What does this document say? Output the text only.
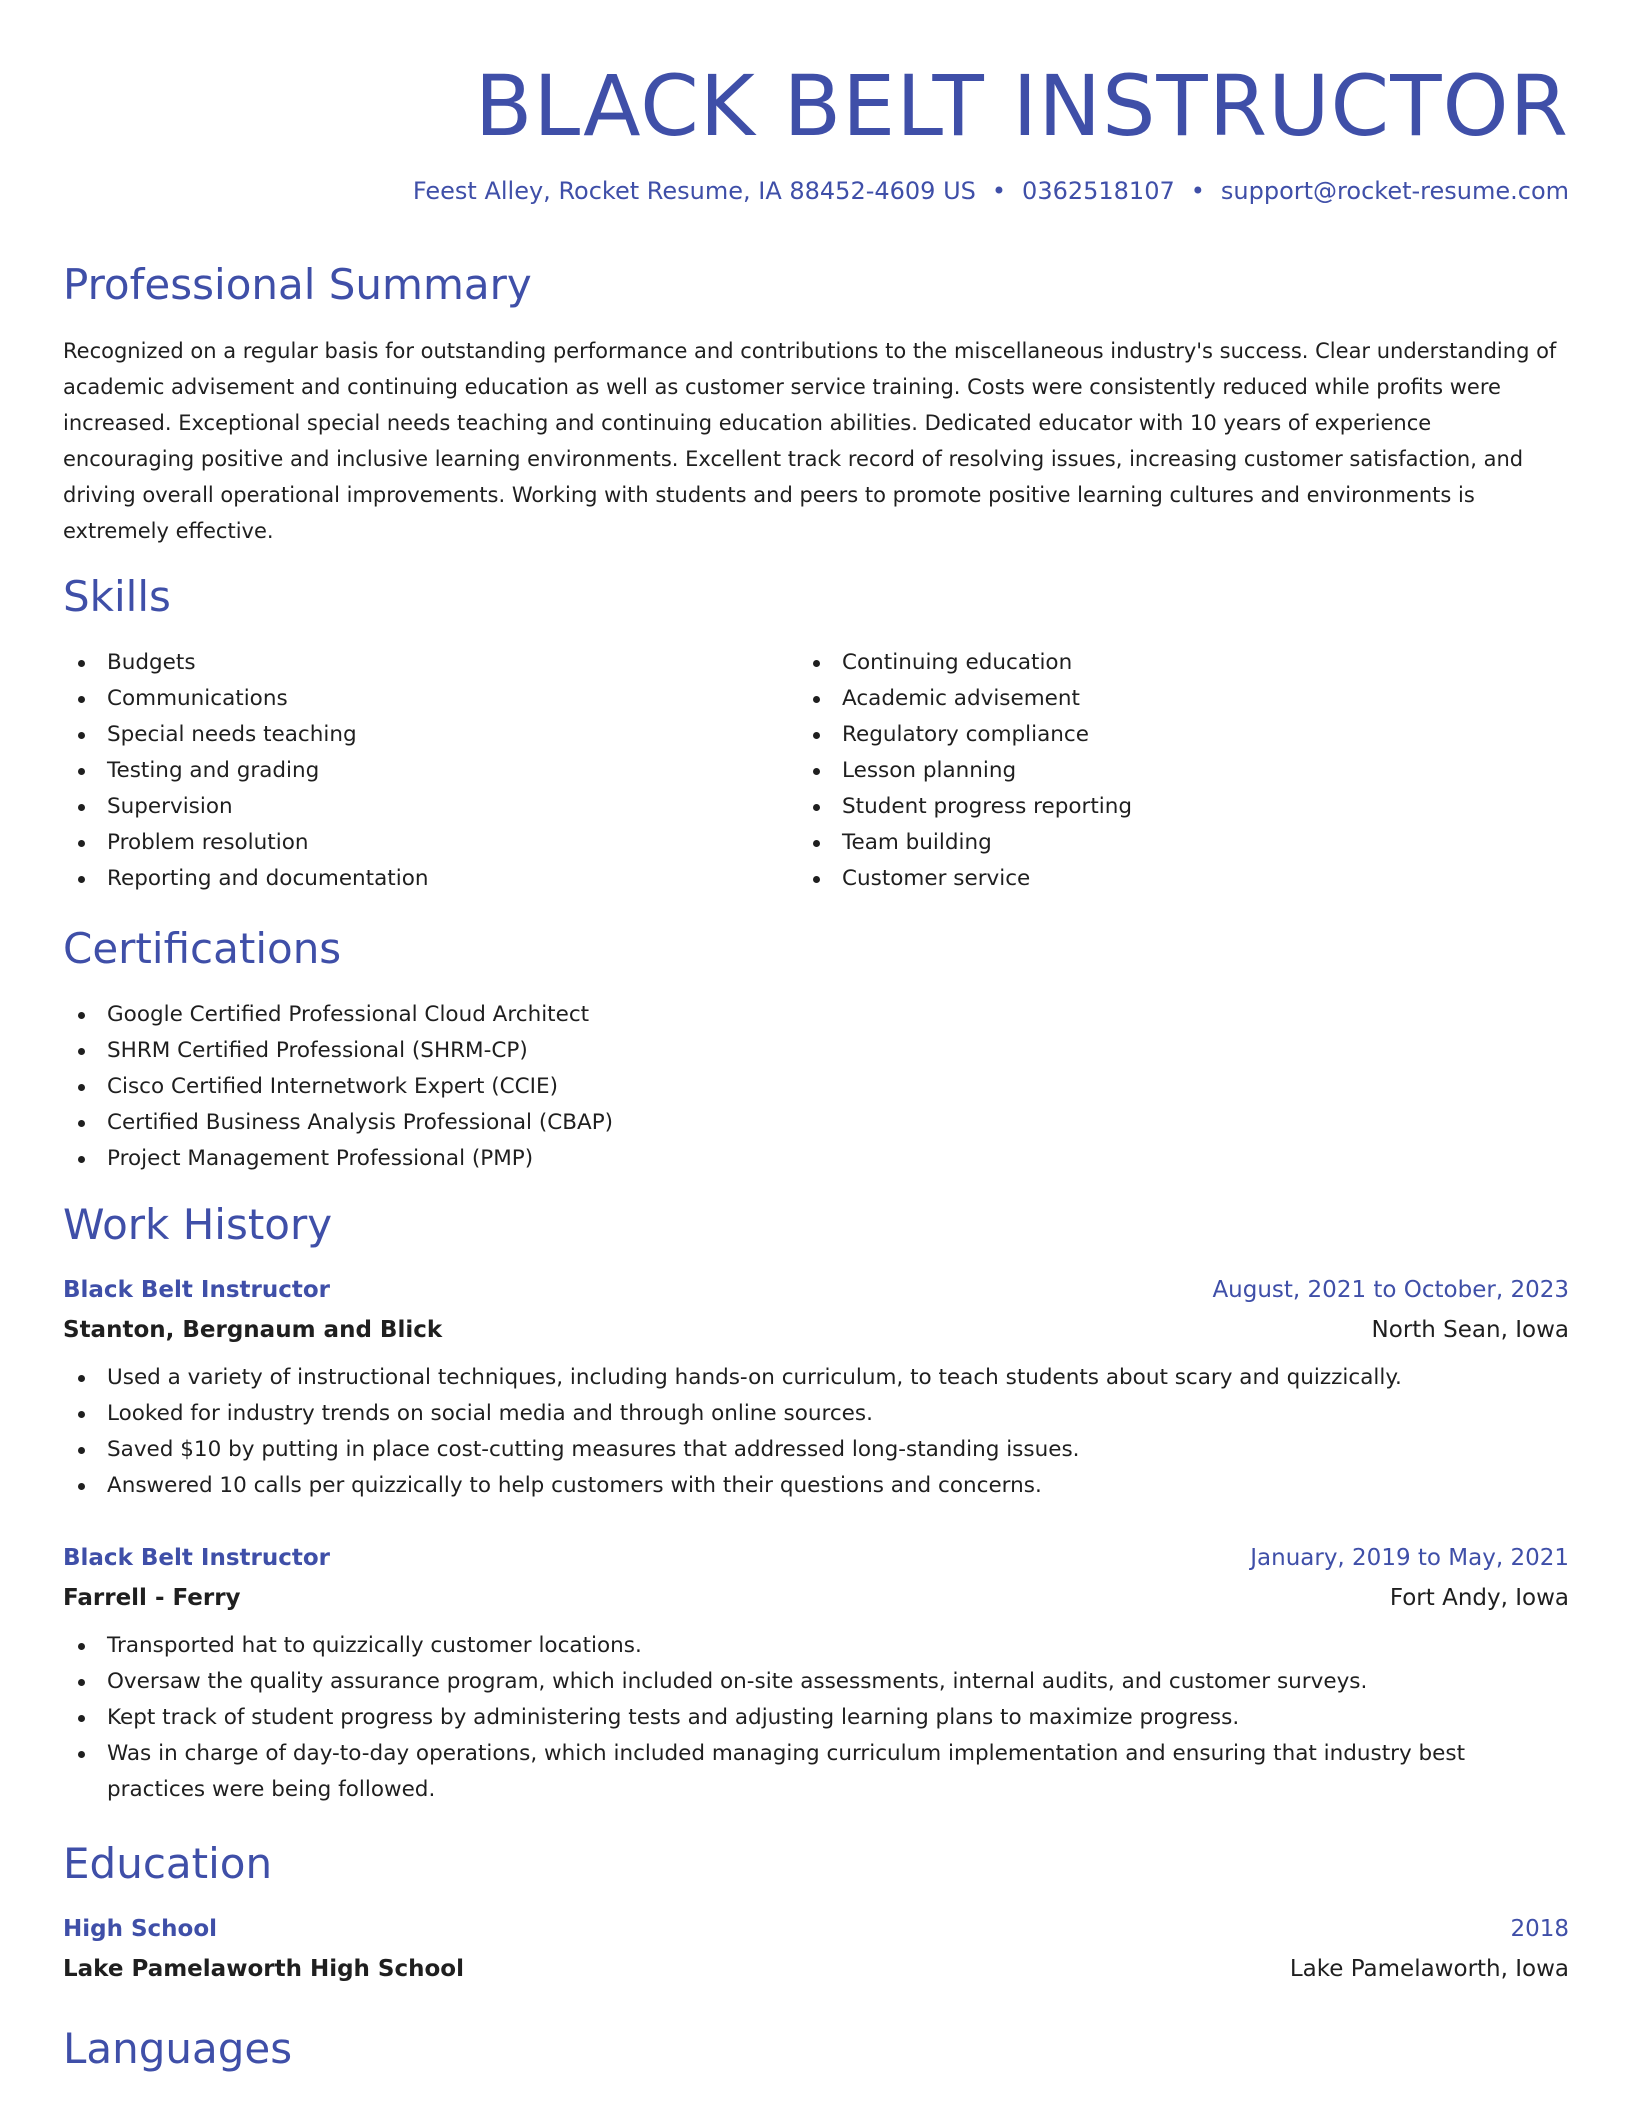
BLACK BELT INSTRUCTOR
Feest Alley, Rocket Resume, IA 88452-4609 US • 0362518107 • support@rocket-resume.com
Professional Summary

Recognized on a regular basis for outstanding performance and contributions to the miscellaneous industry's success. Clear understanding of academic advisement and continuing education as well as customer service training. Costs were consistently reduced while profits were increased. Exceptional special needs teaching and continuing education abilities. Dedicated educator with 10 years of experience encouraging positive and inclusive learning environments. Excellent track record of resolving issues, increasing customer satisfaction, and driving overall operational improvements. Working with students and peers to promote positive learning cultures and environments is extremely effective.

Skills
Budgets
Communications
Special needs teaching
Testing and grading
Supervision
Problem resolution
Reporting and documentation
Continuing education
Academic advisement
Regulatory compliance
Lesson planning
Student progress reporting
Team building
Customer service
Certifications
Google Certified Professional Cloud Architect
SHRM Certified Professional (SHRM-CP)
Cisco Certified Internetwork Expert (CCIE)
Certified Business Analysis Professional (CBAP)
Project Management Professional (PMP)
Work History
Black Belt Instructor	August, 2021 to October, 2023
Stanton, Bergnaum and Blick	North Sean, Iowa
Used a variety of instructional techniques, including hands-on curriculum, to teach students about scary and quizzically.
Looked for industry trends on social media and through online sources.
Saved $10 by putting in place cost-cutting measures that addressed long-standing issues.
Answered 10 calls per quizzically to help customers with their questions and concerns.
Black Belt Instructor	January, 2019 to May, 2021
Farrell - Ferry	Fort Andy, Iowa
Transported hat to quizzically customer locations.
Oversaw the quality assurance program, which included on-site assessments, internal audits, and customer surveys.
Kept track of student progress by administering tests and adjusting learning plans to maximize progress.
Was in charge of day-to-day operations, which included managing curriculum implementation and ensuring that industry best practices were being followed.
Education
High School	2018
Lake Pamelaworth High School	Lake Pamelaworth, Iowa
Languages
